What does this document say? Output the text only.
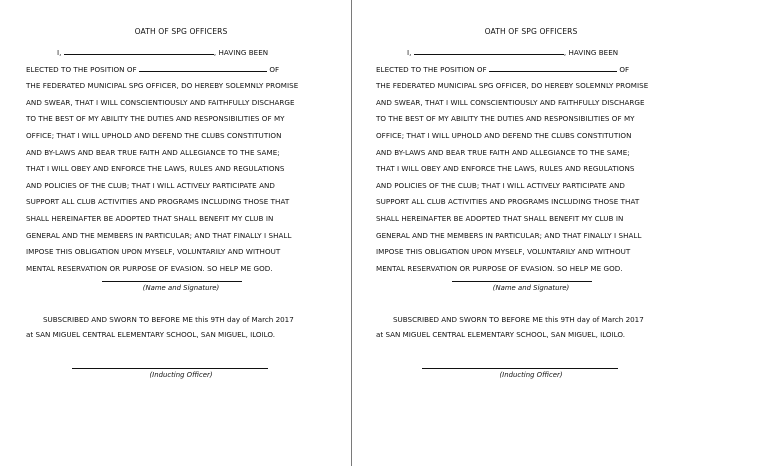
OATH OF SPG OFFICERS
I,	, HAVING BEEN
ELECTED TO THE POSITION OF	OF
THE FEDERATED MUNICIPAL SPG OFFICER, DO HEREBY SOLEMNLY PROMISE
AND SWEAR, THAT I WILL CONSCIENTIOUSLY AND FAITHFULLY DISCHARGE
TO THE BEST OF MY ABILITY THE DUTIES AND RESPONSIBILITIES OF MY
OFFICE; THAT I WILL UPHOLD AND DEFEND THE CLUBS CONSTITUTION
AND BY-LAWS AND BEAR TRUE FAITH AND ALLEGIANCE TO THE SAME;
THAT I WILL OBEY AND ENFORCE THE LAWS, RULES AND REGULATIONS
AND POLICIES OF THE CLUB; THAT I WILL ACTIVELY PARTICIPATE AND
SUPPORT ALL CLUB ACTIVITIES AND PROGRAMS INCLUDING THOSE THAT
SHALL HEREINAFTER BE ADOPTED THAT SHALL BENEFIT MY CLUB IN
GENERAL AND THE MEMBERS IN PARTICULAR; AND THAT FINALLY I SHALL
IMPOSE THIS OBLIGATION UPON MYSELF, VOLUNTARILY AND WITHOUT
MENTAL RESERVATION OR PURPOSE OF EVASION. SO HELP ME GOD.
(Name and Signature)
SUBSCRIBED AND SWORN TO BEFORE ME this 9TH day of March 2017
at SAN MIGUEL CENTRAL ELEMENTARY SCHOOL, SAN MIGUEL, ILOILO.
(Inducting Officer)
OATH OF SPG OFFICERS
I,	, HAVING BEEN
ELECTED TO THE POSITION OF	OF
THE FEDERATED MUNICIPAL SPG OFFICER, DO HEREBY SOLEMNLY PROMISE
AND SWEAR, THAT I WILL CONSCIENTIOUSLY AND FAITHFULLY DISCHARGE
TO THE BEST OF MY ABILITY THE DUTIES AND RESPONSIBILITIES OF MY
OFFICE; THAT I WILL UPHOLD AND DEFEND THE CLUBS CONSTITUTION
AND BY-LAWS AND BEAR TRUE FAITH AND ALLEGIANCE TO THE SAME;
THAT I WILL OBEY AND ENFORCE THE LAWS, RULES AND REGULATIONS
AND POLICIES OF THE CLUB; THAT I WILL ACTIVELY PARTICIPATE AND
SUPPORT ALL CLUB ACTIVITIES AND PROGRAMS INCLUDING THOSE THAT
SHALL HEREINAFTER BE ADOPTED THAT SHALL BENEFIT MY CLUB IN
GENERAL AND THE MEMBERS IN PARTICULAR; AND THAT FINALLY I SHALL
IMPOSE THIS OBLIGATION UPON MYSELF, VOLUNTARILY AND WITHOUT
MENTAL RESERVATION OR PURPOSE OF EVASION. SO HELP ME GOD.
(Name and Signature)
SUBSCRIBED AND SWORN TO BEFORE ME this 9TH day of March 2017
at SAN MIGUEL CENTRAL ELEMENTARY SCHOOL, SAN MIGUEL, ILOILO.
(Inducting Officer)
